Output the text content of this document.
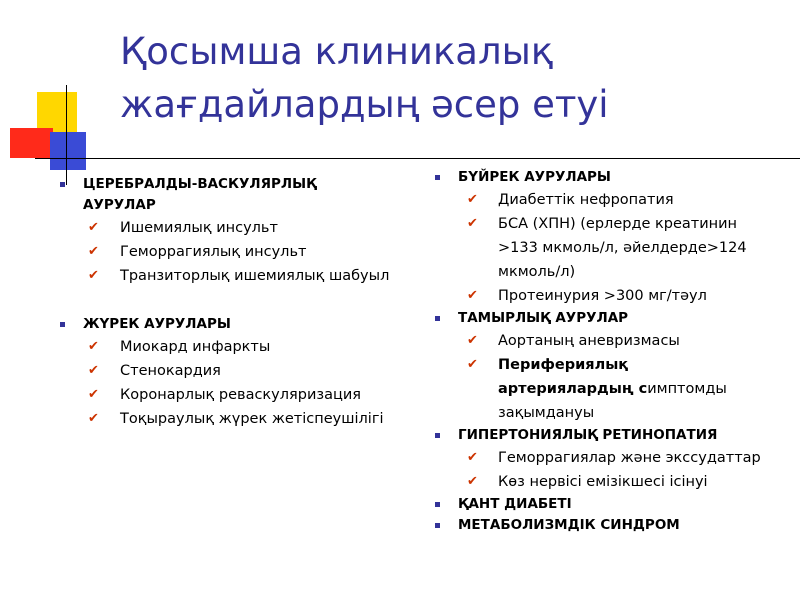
Қосымша клиникалық
жағдайлардың әсер етуі
ЦЕРЕБРАЛДЫ-ВАСКУЛЯРЛЫҚ
АУРУЛАР
✔ Ишемиялық инсульт
✔ Геморрагиялық инсульт
✔ Транзиторлық ишемиялық шабуыл
ЖҮРЕК АУРУЛАРЫ
✔ Миокард инфаркты
✔ Стенокардия
✔ Коронарлық реваскуляризация
✔ Тоқыраулық жүрек жетіспеушілігі
БҮЙРЕК АУРУЛАРЫ
✔ Диабеттік нефропатия
✔ БСА (ХПН) (ерлерде креатинин
>133 мкмоль/л, әйелдерде>124
мкмоль/л)
✔ Протеинурия >300 мг/тәул
ТАМЫРЛЫҚ АУРУЛАР
✔ Аортаның аневризмасы
✔ Перифериялық
артериялардың симптомды
зақымдануы
ГИПЕРТОНИЯЛЫҚ РЕТИНОПАТИЯ
✔ Геморрагиялар және экссудаттар
✔ Көз нервісі емізікшесі ісінуі
ҚАНТ ДИАБЕТІ
МЕТАБОЛИЗМДІК СИНДРОМ
